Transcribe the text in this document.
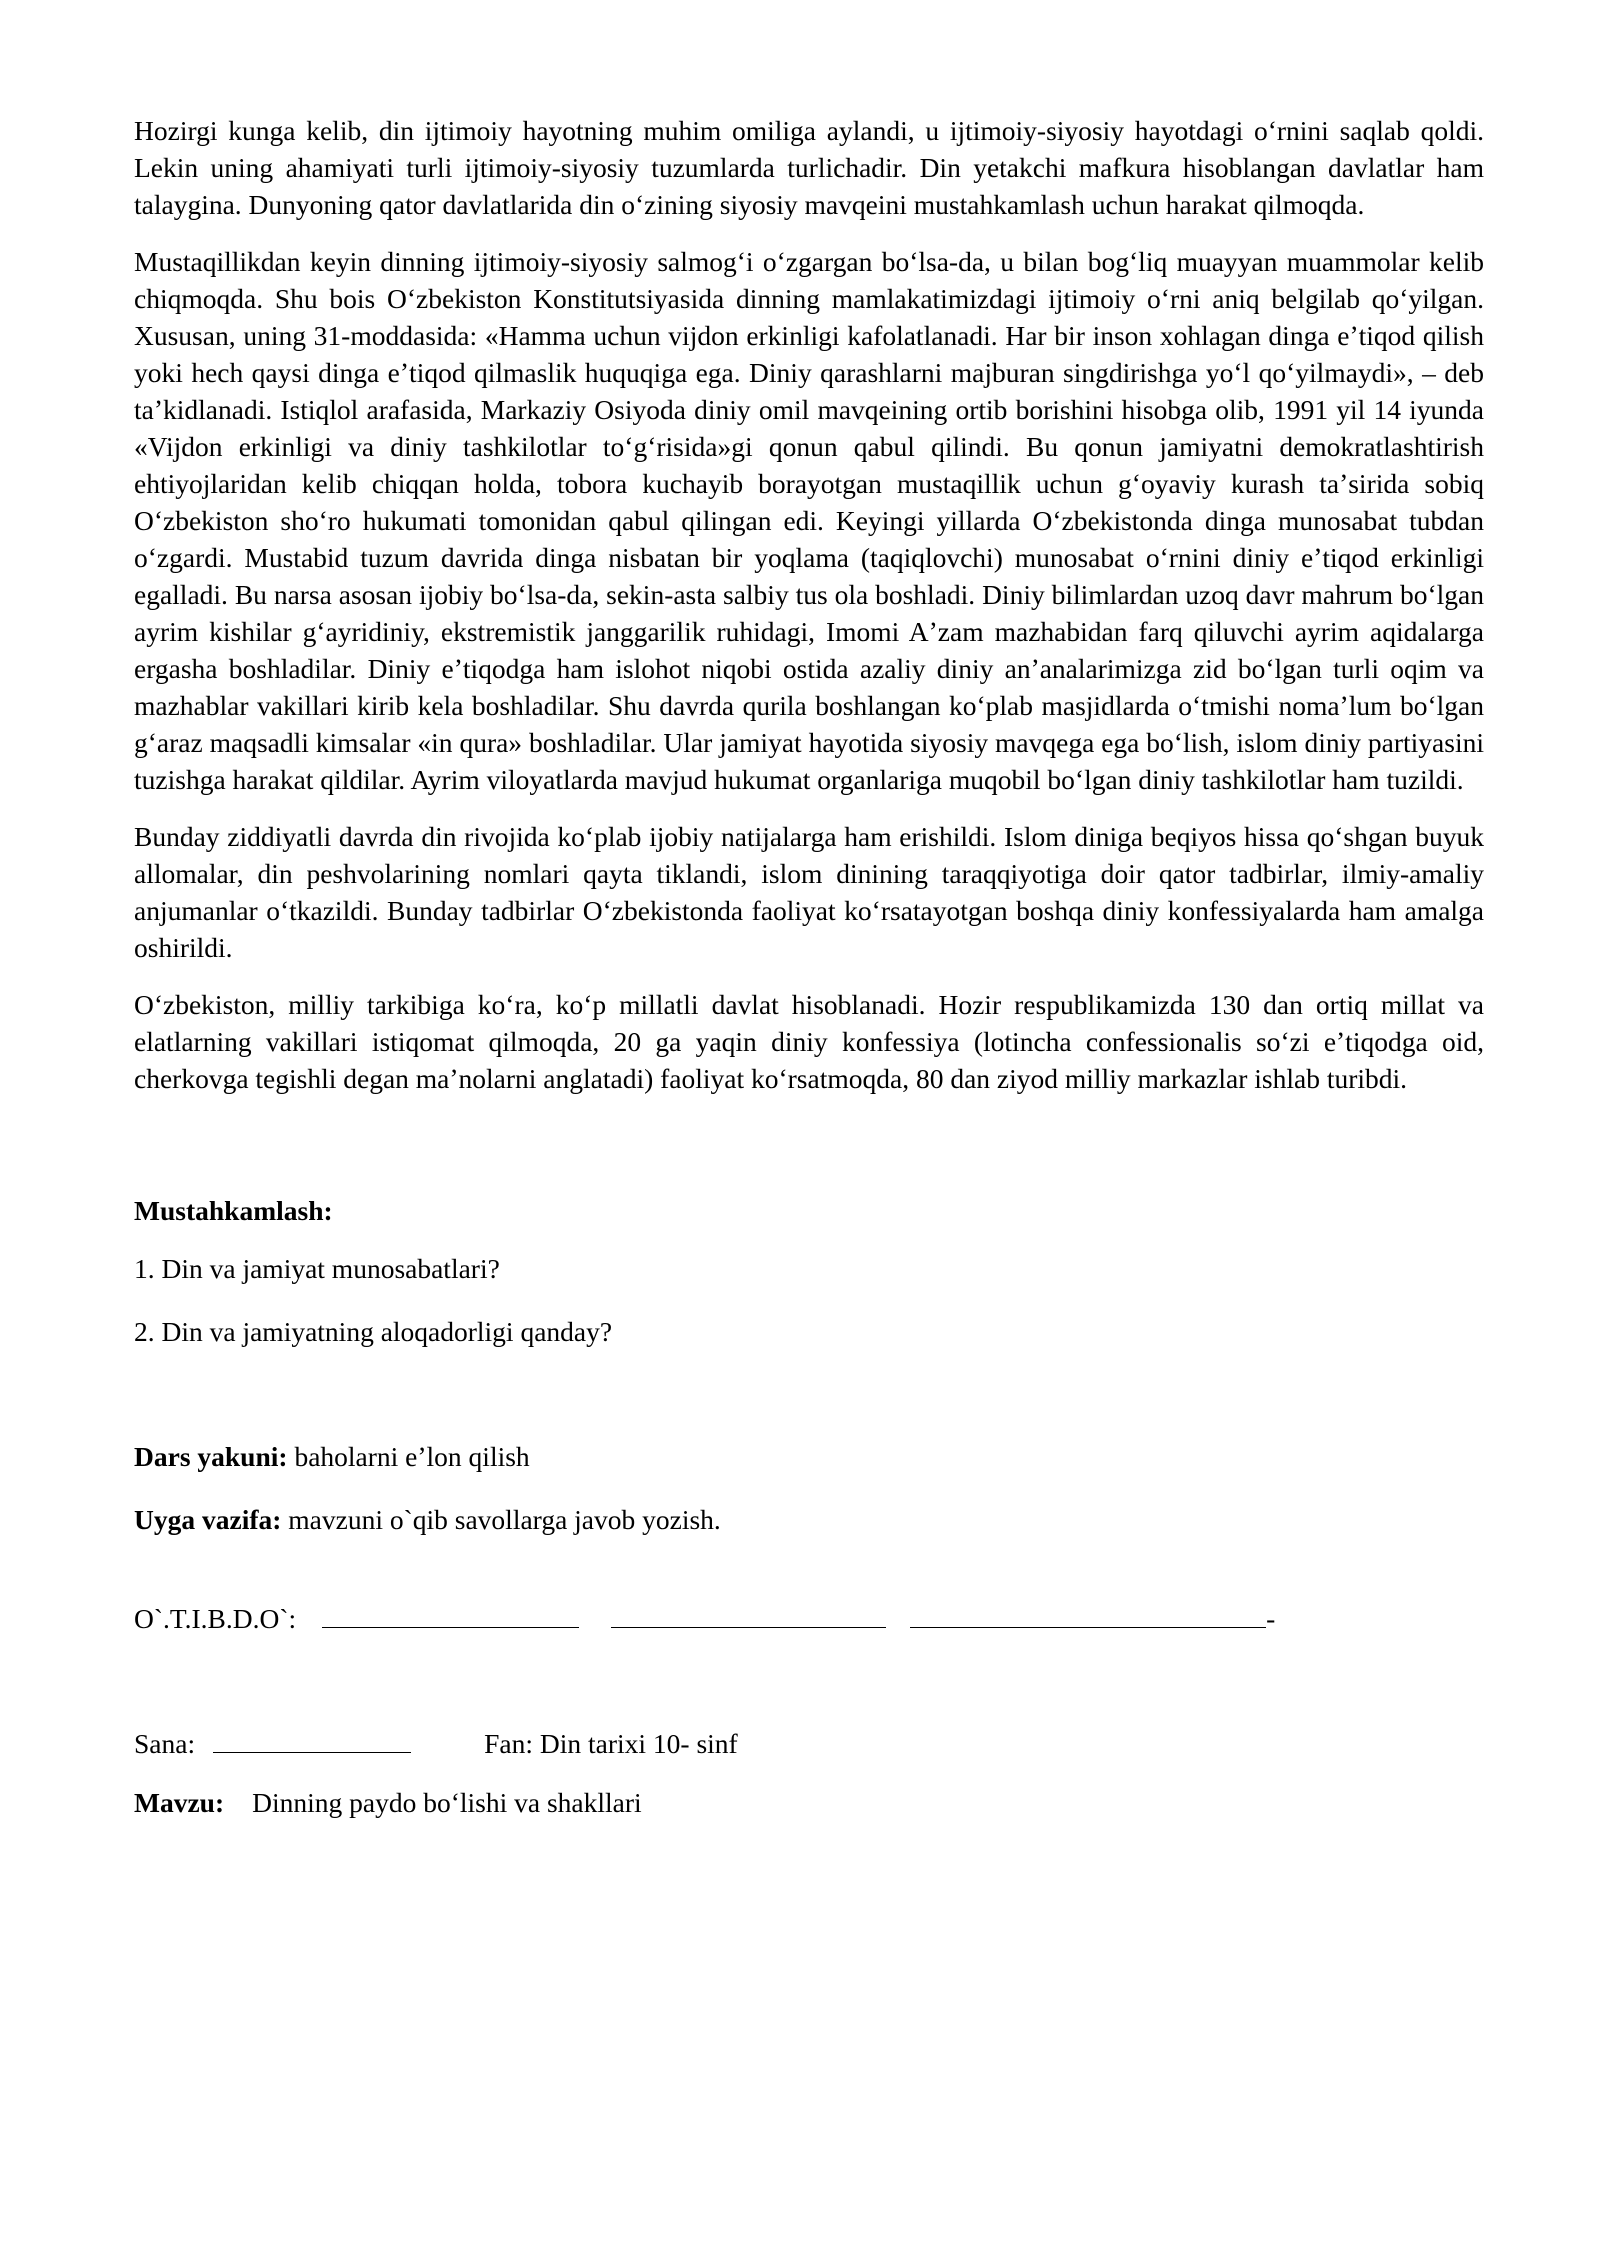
Hozirgi kunga kelib, din ijtimoiy hayotning muhim omiliga aylandi, u ijtimoiy-siyosiy hayotdagi oʻrnini saqlab qoldi. Lekin uning ahamiyati turli ijtimoiy-siyosiy tuzumlarda turlichadir. Din yetakchi mafkura hisoblangan davlatlar ham talaygina. Dunyoning qator davlatlarida din oʻzining siyosiy mavqeini mustahkamlash uchun harakat qilmoqda.

Mustaqillikdan keyin dinning ijtimoiy-siyosiy salmogʻi oʻzgargan boʻlsa-da, u bilan bogʻliq muayyan muammolar kelib chiqmoqda. Shu bois Oʻzbekiston Konstitutsiyasida dinning mamlakatimizdagi ijtimoiy oʻrni aniq belgilab qoʻyilgan. Xususan, uning 31-moddasida: «Hamma uchun vijdon erkinligi kafolatlanadi. Har bir inson xohlagan dinga eʼtiqod qilish yoki hech qaysi dinga eʼtiqod qilmaslik huquqiga ega. Diniy qarashlarni majburan singdirishga yoʻl qoʻyilmaydi», – deb taʼkidlanadi. Istiqlol arafasida, Markaziy Osiyoda diniy omil mavqeining ortib borishini hisobga olib, 1991 yil 14 iyunda «Vijdon erkinligi va diniy tashkilotlar toʻgʻrisida»gi qonun qabul qilindi. Bu qonun jamiyatni demokratlashtirish ehtiyojlaridan kelib chiqqan holda, tobora kuchayib borayotgan mustaqillik uchun gʻoyaviy kurash taʼsirida sobiq Oʻzbekiston shoʻro hukumati tomonidan qabul qilingan edi. Keyingi yillarda Oʻzbekistonda dinga munosabat tubdan oʻzgardi. Mustabid tuzum davrida dinga nisbatan bir yoqlama (taqiqlovchi) munosabat oʻrnini diniy eʼtiqod erkinligi egalladi. Bu narsa asosan ijobiy boʻlsa-da, sekin-asta salbiy tus ola boshladi. Diniy bilimlardan uzoq davr mahrum boʻlgan ayrim kishilar gʻayridiniy, ekstremistik janggarilik ruhidagi, Imomi Aʼzam mazhabidan farq qiluvchi ayrim aqidalarga ergasha boshladilar. Diniy eʼtiqodga ham islohot niqobi ostida azaliy diniy anʼanalarimizga zid boʻlgan turli oqim va mazhablar vakillari kirib kela boshladilar. Shu davrda qurila boshlangan koʻplab masjidlarda oʻtmishi nomaʼlum boʻlgan gʻaraz maqsadli kimsalar «in qura» boshladilar. Ular jamiyat hayotida siyosiy mavqega ega boʻlish, islom diniy partiyasini tuzishga harakat qildilar. Ayrim viloyatlarda mavjud hukumat organlariga muqobil boʻlgan diniy tashkilotlar ham tuzildi.

Bunday ziddiyatli davrda din rivojida koʻplab ijobiy natijalarga ham erishildi. Islom diniga beqiyos hissa qoʻshgan buyuk allomalar, din peshvolarining nomlari qayta tiklandi, islom dinining taraqqiyotiga doir qator tadbirlar, ilmiy-amaliy anjumanlar oʻtkazildi. Bunday tadbirlar Oʻzbekistonda faoliyat koʻrsatayotgan boshqa diniy konfessiyalarda ham amalga oshirildi.

Oʻzbekiston, milliy tarkibiga koʻra, koʻp millatli davlat hisoblanadi. Hozir respublikamizda 130 dan ortiq millat va elatlarning vakillari istiqomat qilmoqda, 20 ga yaqin diniy konfessiya (lotincha confessionalis soʻzi eʼtiqodga oid, cherkovga tegishli degan maʼnolarni anglatadi) faoliyat koʻrsatmoqda, 80 dan ziyod milliy markazlar ishlab turibdi.

Mustahkamlash:
1. Din va jamiyat munosabatlari?
2. Din va jamiyatning aloqadorligi qanday?
Dars yakuni: baholarni eʼlon qilish
Uyga vazifa: mavzuni o`qib savollarga javob yozish.
O`.T.I.B.D.O`:	-
Sana:	Fan: Din tarixi 10- sinf
Mavzu: Dinning paydo boʻlishi va shakllari
